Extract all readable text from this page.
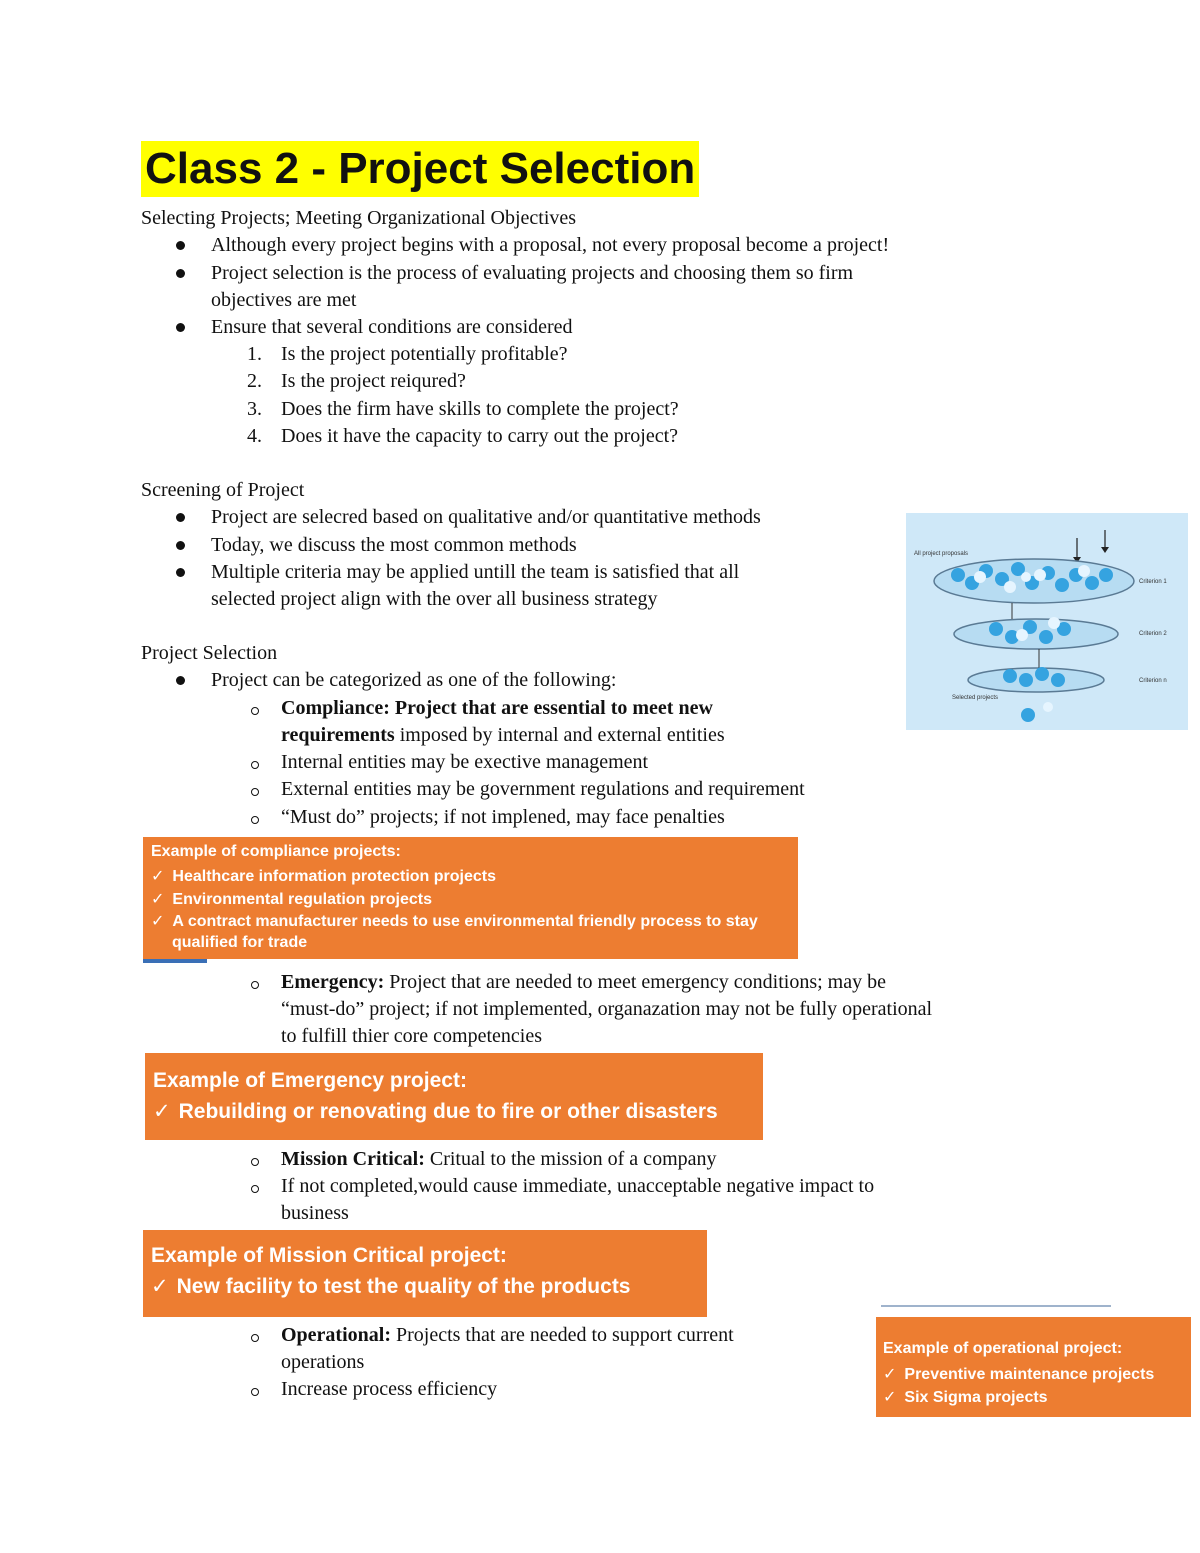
Class 2 - Project Selection
Selecting Projects; Meeting Organizational Objectives
Although every project begins with a proposal, not every proposal become a project!
Project selection is the process of evaluating projects and choosing them so firm
objectives are met
Ensure that several conditions are considered
1. Is the project potentially profitable?
2. Is the project reiqured?
3. Does the firm have skills to complete the project?
4. Does it have the capacity to carry out the project?
Screening of Project
Project are selecred based on qualitative and/or quantitative methods
Today, we discuss the most common methods
Multiple criteria may be applied untill the team is satisfied that all
selected project align with the over all business strategy
All project proposals
Criterion 1
Criterion 2
Criterion n
Selected projects
Project Selection
Project can be categorized as one of the following:
Compliance: Project that are essential to meet new
requirements imposed by internal and external entities
Internal entities may be exective management
External entities may be government regulations and requirement
“Must do” projects; if not implened, may face penalties
Example of compliance projects:
✓ Healthcare information protection projects
✓ Environmental regulation projects
✓ A contract manufacturer needs to use environmental friendly process to stay
qualified for trade
Emergency: Project that are needed to meet emergency conditions; may be
“must-do” project; if not implemented, organazation may not be fully operational
to fulfill thier core competencies
Example of Emergency project:
✓ Rebuilding or renovating due to fire or other disasters
Mission Critical: Critual to the mission of a company
If not completed,would cause immediate, unacceptable negative impact to
business
Example of Mission Critical project:
✓ New facility to test the quality of the products
Operational: Projects that are needed to support current
operations
Increase process efficiency
Example of operational project:
✓ Preventive maintenance projects
✓ Six Sigma projects
